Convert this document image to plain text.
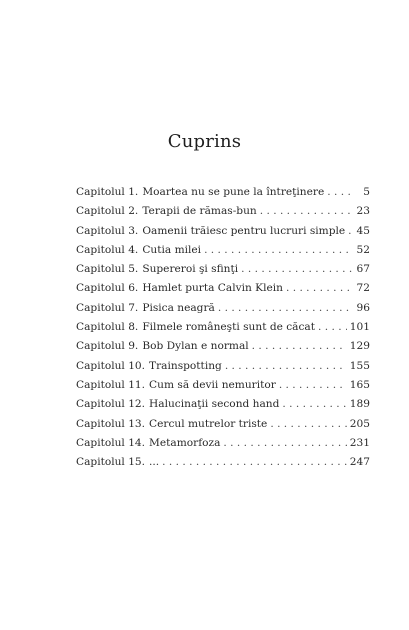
Cuprins
Capitolul 1. Moartea nu se pune la întreţinere . . .	5
Capitolul 2. Terapii de rămas-bun . . .	23
Capitolul 3. Oamenii trăiesc pentru lucruri simple . . . 45
Capitolul 4. Cutia milei . . .	52
Capitolul 5. Supereroi şi sfinţi . . .	67
Capitolul 6. Hamlet purta Calvin Klein . . .	72
Capitolul 7. Pisica neagră . . .	96
Capitolul 8. Filmele româneşti sunt de căcat . . .	101
Capitolul 9. Bob Dylan e normal . . .	129
Capitolul 10. Trainspotting . . .	155
Capitolul 11. Cum să devii nemuritor . . .	165
Capitolul 12. Halucinaţii second hand . . .	189
Capitolul 13. Cercul mutrelor triste . . .	205
Capitolul 14. Metamorfoza . . .	231
Capitolul 15. ... . . .	247
